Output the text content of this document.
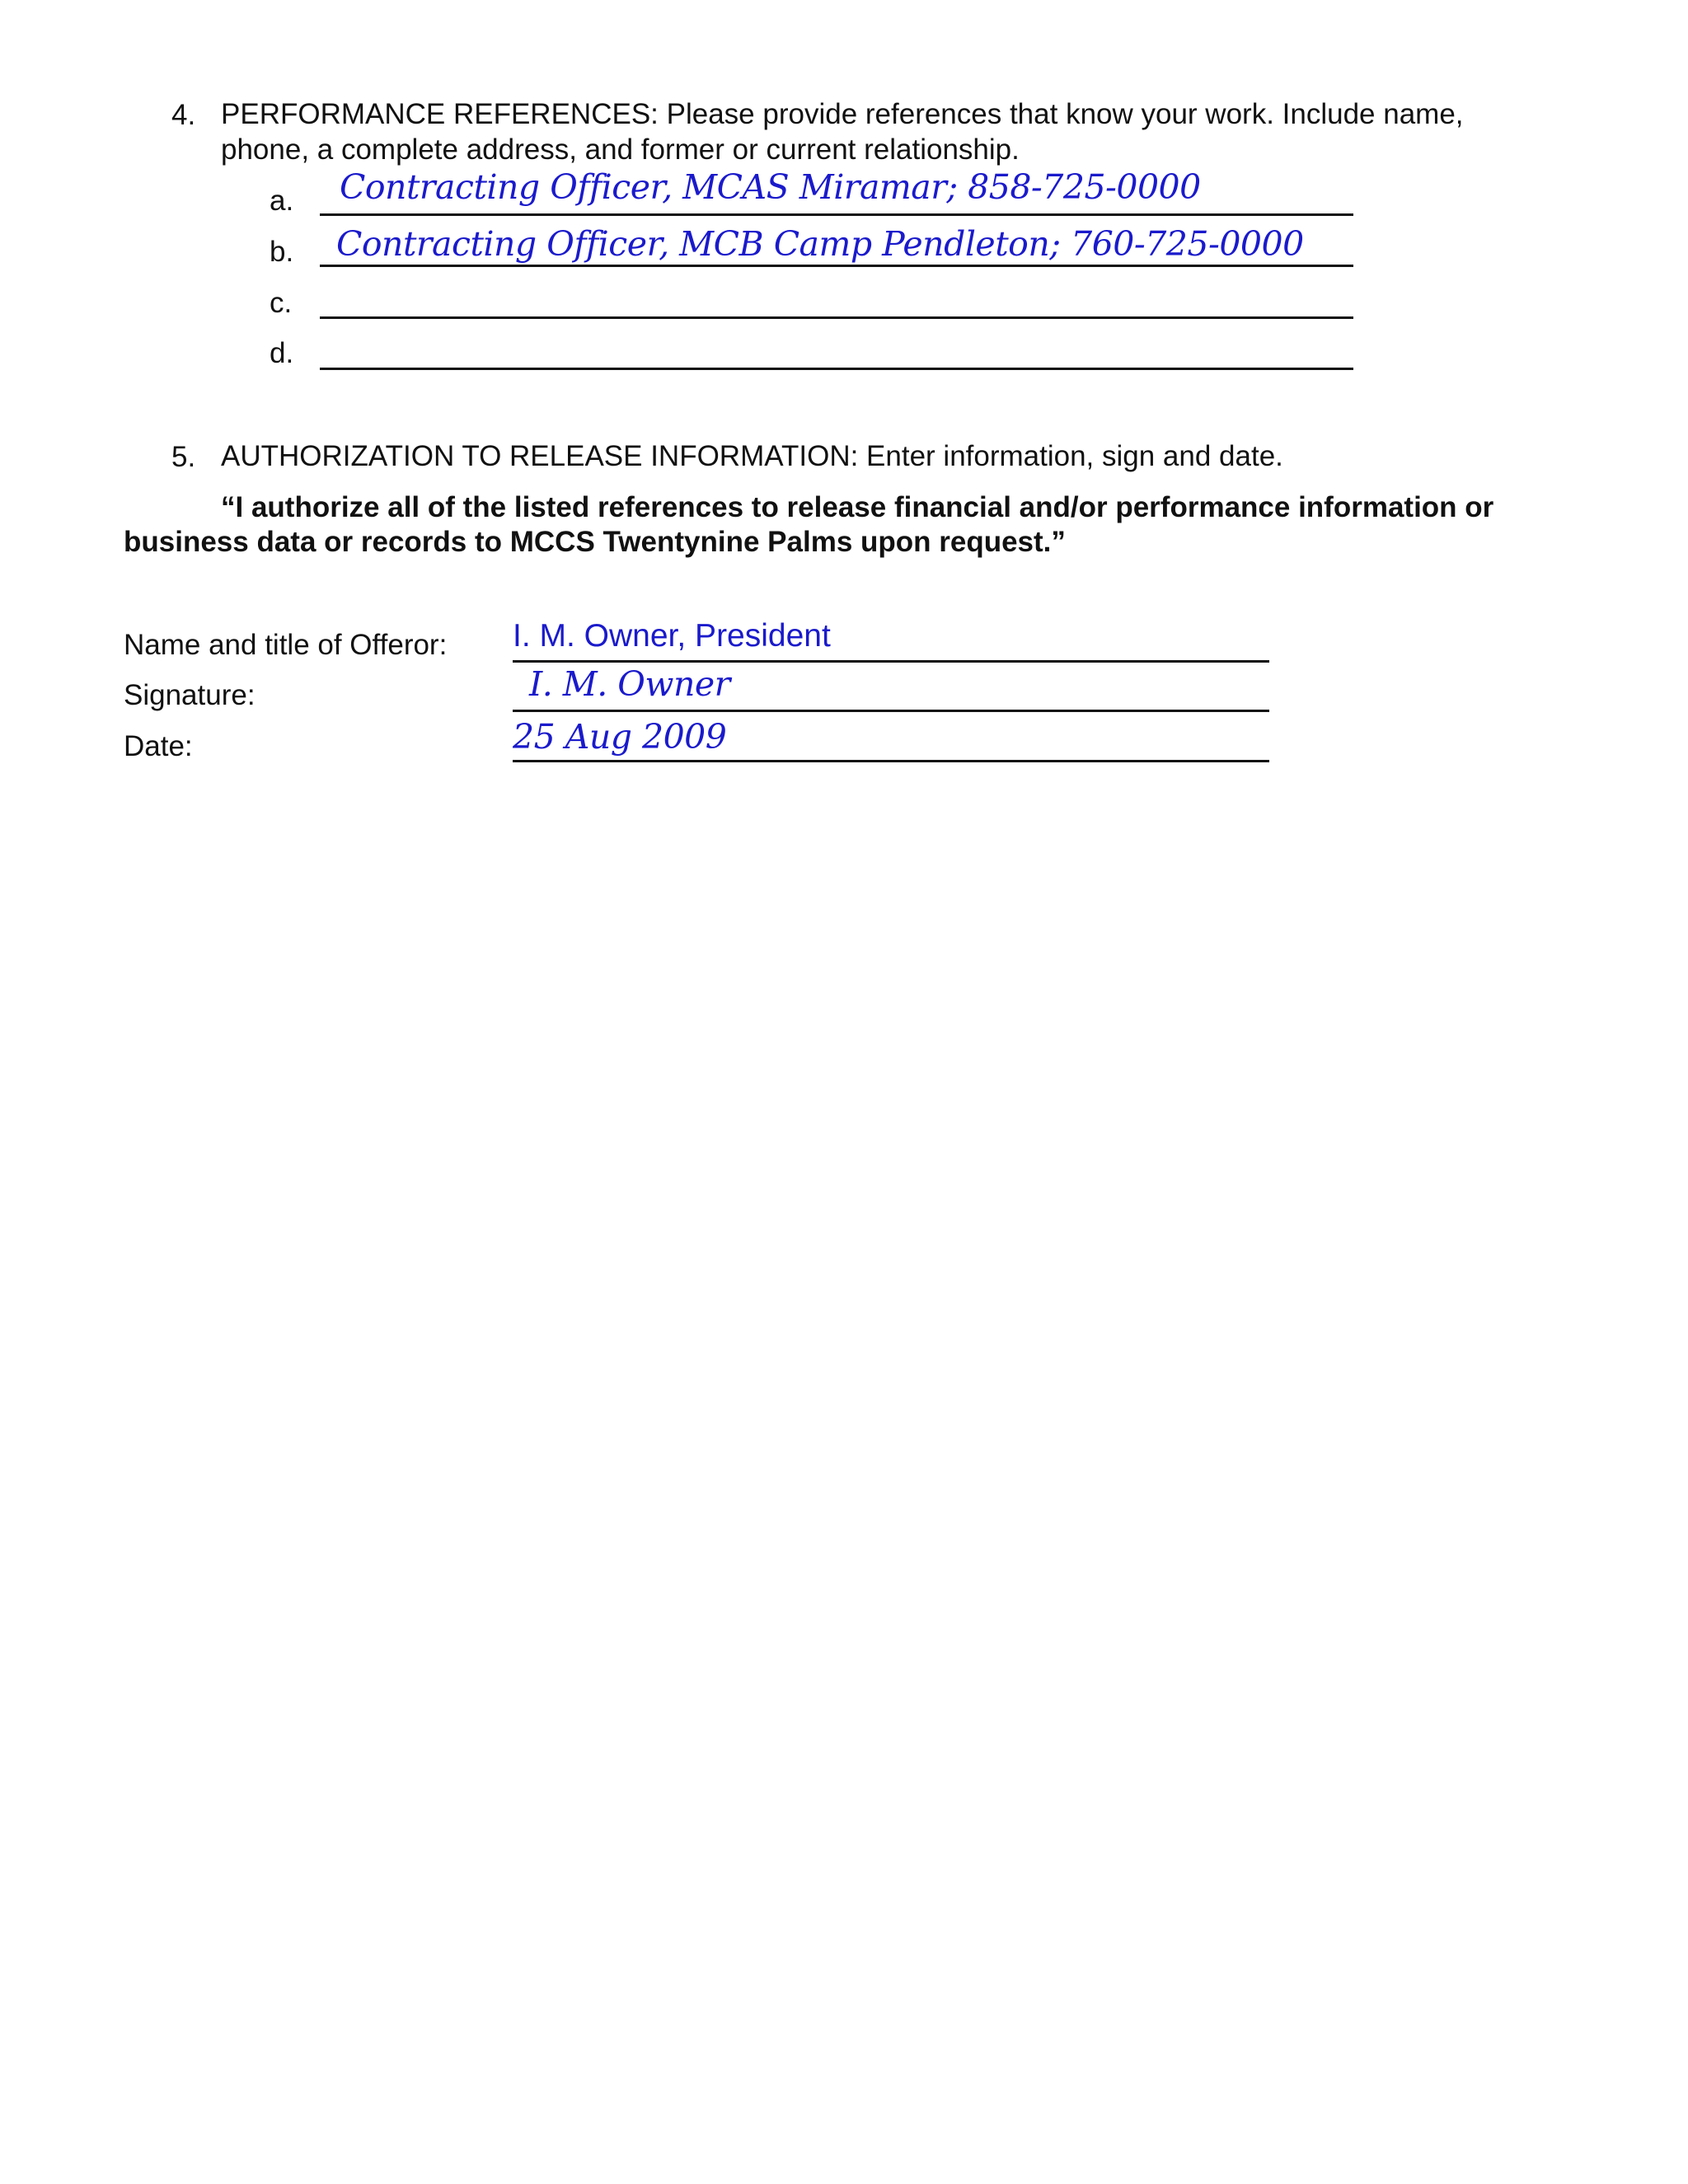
4. PERFORMANCE REFERENCES: Please provide references that know your work. Include name,
phone, a complete address, and former or current relationship.
a. Contracting Officer, MCAS Miramar; 858-725-0000
b. Contracting Officer, MCB Camp Pendleton; 760-725-0000
c.
d.
5. AUTHORIZATION TO RELEASE INFORMATION: Enter information, sign and date.
“I authorize all of the listed references to release financial and/or performance information or
business data or records to MCCS Twentynine Palms upon request.”
Name and title of Offeror: I. M. Owner, President
Signature:	I. M. Owner
Date:	25 Aug 2009
